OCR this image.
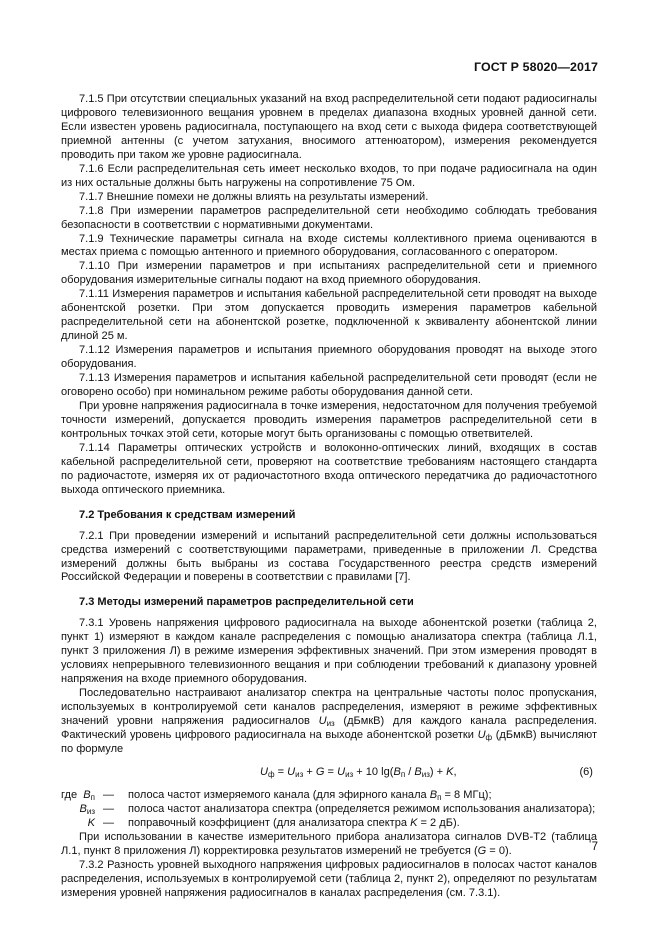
ГОСТ Р 58020—2017

7.1.5 При отсутствии специальных указаний на вход распределительной сети подают радиосигналы цифрового телевизионного вещания уровнем в пределах диапазона входных уровней данной сети. Если известен уровень радиосигнала, поступающего на вход сети с выхода фидера соответствующей приемной антенны (с учетом затухания, вносимого аттенюатором), измерения рекомендуется проводить при таком же уровне радиосигнала.

7.1.6 Если распределительная сеть имеет несколько входов, то при подаче радиосигнала на один из них остальные должны быть нагружены на сопротивление 75 Ом.

7.1.7 Внешние помехи не должны влиять на результаты измерений.

7.1.8 При измерении параметров распределительной сети необходимо соблюдать требования безопасности в соответствии с нормативными документами.

7.1.9 Технические параметры сигнала на входе системы коллективного приема оцениваются в местах приема с помощью антенного и приемного оборудования, согласованного с оператором.

7.1.10 При измерении параметров и при испытаниях распределительной сети и приемного оборудования измерительные сигналы подают на вход приемного оборудования.

7.1.11 Измерения параметров и испытания кабельной распределительной сети проводят на выходе абонентской розетки. При этом допускается проводить измерения параметров кабельной распределительной сети на абонентской розетке, подключенной к эквиваленту абонентской линии длиной 25 м.

7.1.12 Измерения параметров и испытания приемного оборудования проводят на выходе этого оборудования.

7.1.13 Измерения параметров и испытания кабельной распределительной сети проводят (если не оговорено особо) при номинальном режиме работы оборудования данной сети.

При уровне напряжения радиосигнала в точке измерения, недостаточном для получения требуемой точности измерений, допускается проводить измерения параметров распределительной сети в контрольных точках этой сети, которые могут быть организованы с помощью ответвителей.

7.1.14 Параметры оптических устройств и волоконно-оптических линий, входящих в состав кабельной распределительной сети, проверяют на соответствие требованиям настоящего стандарта по радиочастоте, измеряя их от радиочастотного входа оптического передатчика до радиочастотного выхода оптического приемника.

7.2 Требования к средствам измерений

7.2.1 При проведении измерений и испытаний распределительной сети должны использоваться средства измерений с соответствующими параметрами, приведенные в приложении Л. Средства измерений должны быть выбраны из состава Государственного реестра средств измерений Российской Федерации и поверены в соответствии с правилами [7].

7.3 Методы измерений параметров распределительной сети

7.3.1 Уровень напряжения цифрового радиосигнала на выходе абонентской розетки (таблица 2, пункт 1) измеряют в каждом канале распределения с помощью анализатора спектра (таблица Л.1, пункт 3 приложения Л) в режиме измерения эффективных значений. При этом измерения проводят в условиях непрерывного телевизионного вещания и при соблюдении требований к диапазону уровней напряжения на входе приемного оборудования.

Последовательно настраивают анализатор спектра на центральные частоты полос пропускания, используемых в контролируемой сети каналов распределения, измеряют в режиме эффективных значений уровни напряжения радиосигналов $U_{из}$ (дБмкВ) для каждого канала распределения. Фактический уровень цифрового радиосигнала на выходе абонентской розетки $U_ф$ (дБмкВ) вычисляют по формуле

$U_ф = U_{из} + G = U_{из} + 10$ $\lg(B_п / B_{из}) + K$,	(6)
где $B_п$ — полоса частот измеряемого канала (для эфирного канала $B_п = 8$ МГц);
$B_{из}$ — полоса частот анализатора спектра (определяется режимом использования анализатора);
K — поправочный коэффициент (для анализатора спектра K = 2 дБ).

При использовании в качестве измерительного прибора анализатора сигналов DVB-T2 (таблица Л.1, пункт 8 приложения Л) корректировка результатов измерений не требуется (G = 0).

7.3.2 Разность уровней выходного напряжения цифровых радиосигналов в полосах частот каналов распределения, используемых в контролируемой сети (таблица 2, пункт 2), определяют по результатам измерения уровней напряжения радиосигналов в каналах распределения (см. 7.3.1).

7
